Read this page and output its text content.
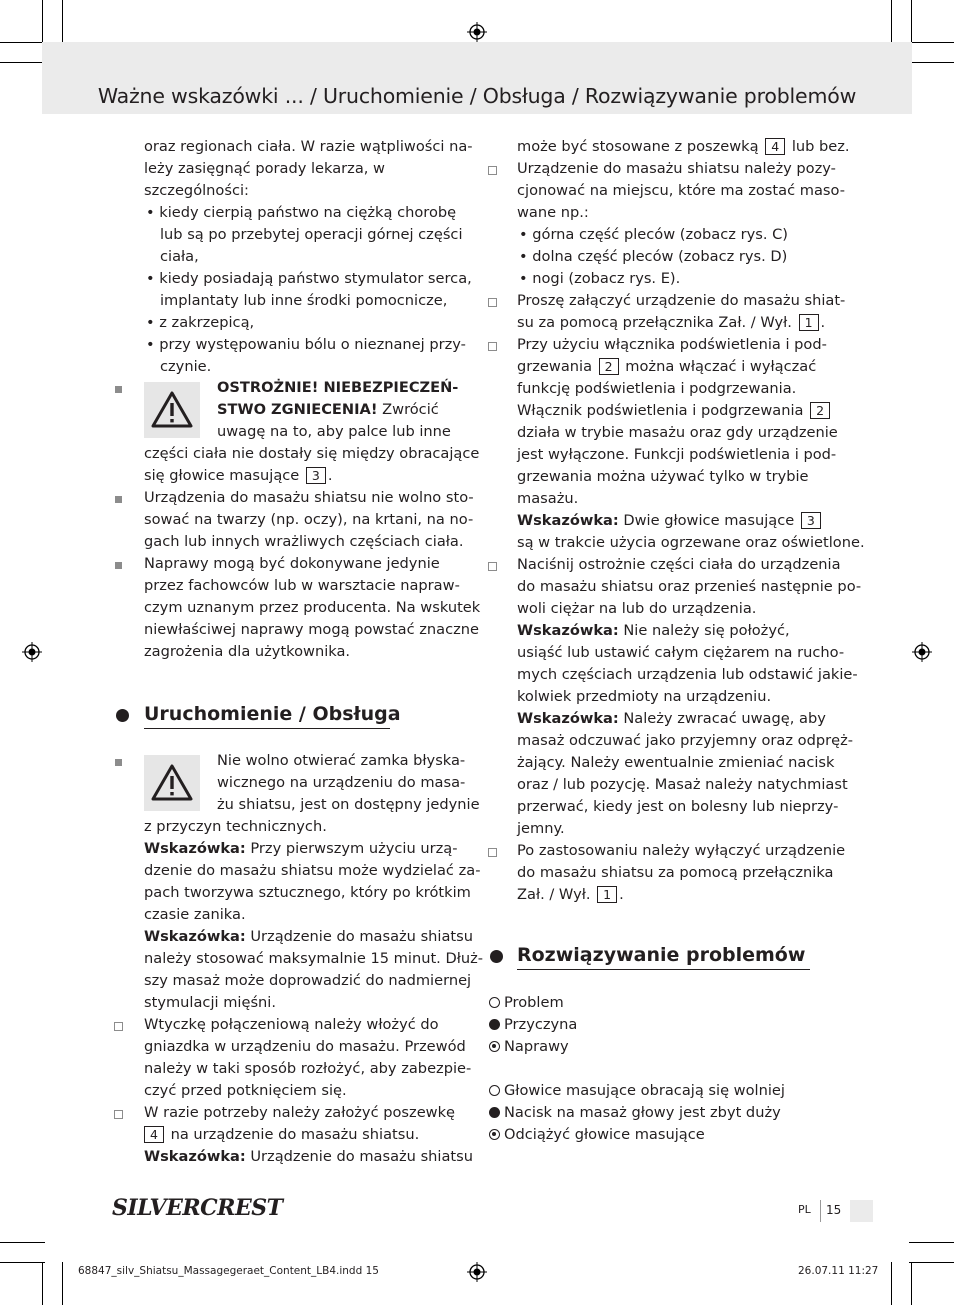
Ważne wskazówki ... / Uruchomienie / Obsługa / Rozwiązywanie problemów
oraz regionach ciała. W razie wątpliwości na-
leży zasięgnąć porady lekarza, w
szczególności:
• kiedy cierpią państwo na ciężką chorobę
lub są po przebytej operacji górnej części
ciała,
• kiedy posiadają państwo stymulator serca,
implantaty lub inne środki pomocnicze,
• z zakrzepicą,
• przy występowaniu bólu o nieznanej przy-
czynie.
OSTROŻNIE! NIEBEZPIECZEŃ-
STWO ZGNIECENIA! Zwrócić
uwagę na to, aby palce lub inne
części ciała nie dostały się między obracające
się głowice masujące 3 .
Urządzenia do masażu shiatsu nie wolno sto-
sować na twarzy (np. oczy), na krtani, na no-
gach lub innych wrażliwych częściach ciała.
Naprawy mogą być dokonywane jedynie
przez fachowców lub w warsztacie napraw-
czym uznanym przez producenta. Na wskutek
niewłaściwej naprawy mogą powstać znaczne
zagrożenia dla użytkownika.
Uruchomienie / Obsługa
Nie wolno otwierać zamka błyska-
wicznego na urządzeniu do masa-
żu shiatsu, jest on dostępny jedynie
z przyczyn technicznych.
Wskazówka: Przy pierwszym użyciu urzą-
dzenie do masażu shiatsu może wydzielać za-
pach tworzywa sztucznego, który po krótkim
czasie zanika.
Wskazówka: Urządzenie do masażu shiatsu
należy stosować maksymalnie 15 minut. Dłuż-
szy masaż może doprowadzić do nadmiernej
stymulacji mięśni.
Wtyczkę połączeniową należy włożyć do
gniazdka w urządzeniu do masażu. Przewód
należy w taki sposób rozłożyć, aby zabezpie-
czyć przed potknięciem się.
W razie potrzeby należy założyć poszewkę
4 na urządzenie do masażu shiatsu.
Wskazówka: Urządzenie do masażu shiatsu
może być stosowane z poszewką 4 lub bez.
Urządzenie do masażu shiatsu należy pozy-
cjonować na miejscu, które ma zostać maso-
wane np.:
• górna część pleców (zobacz rys. C)
• dolna część pleców (zobacz rys. D)
• nogi (zobacz rys. E).
Proszę załączyć urządzenie do masażu shiat-
su za pomocą przełącznika Zał. / Wył. 1 .
Przy użyciu włącznika podświetlenia i pod-
grzewania 2 można włączać i wyłączać
funkcję podświetlenia i podgrzewania.
Włącznik podświetlenia i podgrzewania 2
działa w trybie masażu oraz gdy urządzenie
jest wyłączone. Funkcji podświetlenia i pod-
grzewania można używać tylko w trybie
masażu.
Wskazówka: Dwie głowice masujące 3
są w trakcie użycia ogrzewane oraz oświetlone.
Naciśnij ostrożnie części ciała do urządzenia
do masażu shiatsu oraz przenieś następnie po-
woli ciężar na lub do urządzenia.
Wskazówka: Nie należy się położyć,
usiąść lub ustawić całym ciężarem na rucho-
mych częściach urządzenia lub odstawić jakie-
kolwiek przedmioty na urządzeniu.
Wskazówka: Należy zwracać uwagę, aby
masaż odczuwać jako przyjemny oraz odpręż-
żający. Należy ewentualnie zmieniać nacisk
oraz / lub pozycję. Masaż należy natychmiast
przerwać, kiedy jest on bolesny lub nieprzy-
jemny.
Po zastosowaniu należy wyłączyć urządzenie
do masażu shiatsu za pomocą przełącznika
Zał. / Wył. 1 .
Rozwiązywanie problemów
Problem
Przyczyna
Naprawy
Głowice masujące obracają się wolniej
Nacisk na masaż głowy jest zbyt duży
Odciążyć głowice masujące
SILVERCREST	PL 15
68847_silv_Shiatsu_Massagegeraet_Content_LB4.indd 15	26.07.11 11:27
